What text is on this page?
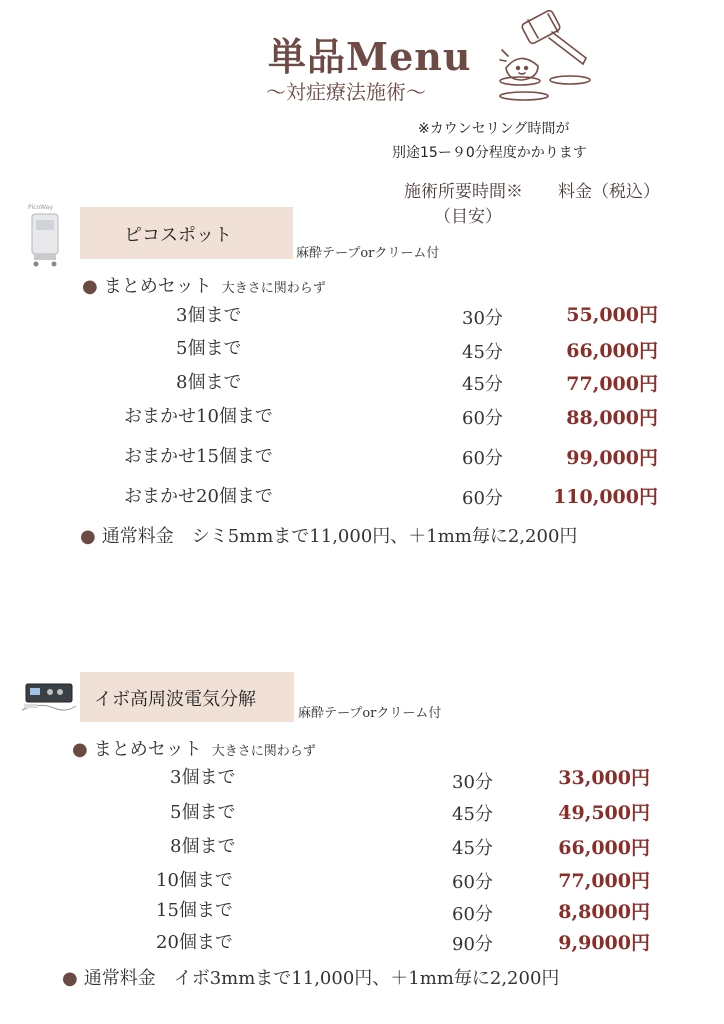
単品Menu
〜対症療法施術〜
※カウンセリング時間が
別途15ー９0分程度かかります
施術所要時間※
（目安）
料金（税込）
PicoWay
ピコスポット
麻酔テープorクリーム付
● まとめセット 大きさに関わらず
3個まで	30分	55,000円
5個まで	45分	66,000円
8個まで	45分	77,000円
おまかせ10個まで	60分	88,000円
おまかせ15個まで	60分	99,000円
おまかせ20個まで	60分	110,000円
● 通常料金　シミ5mmまで11,000円、＋1mm毎に2,200円
イボ高周波電気分解
麻酔テープorクリーム付
● まとめセット 大きさに関わらず
3個まで	30分	33,000円
5個まで	45分	49,500円
8個まで	45分	66,000円
10個まで	60分	77,000円
15個まで	60分	8,8000円
20個まで	90分	9,9000円
● 通常料金　イボ3mmまで11,000円、＋1mm毎に2,200円
